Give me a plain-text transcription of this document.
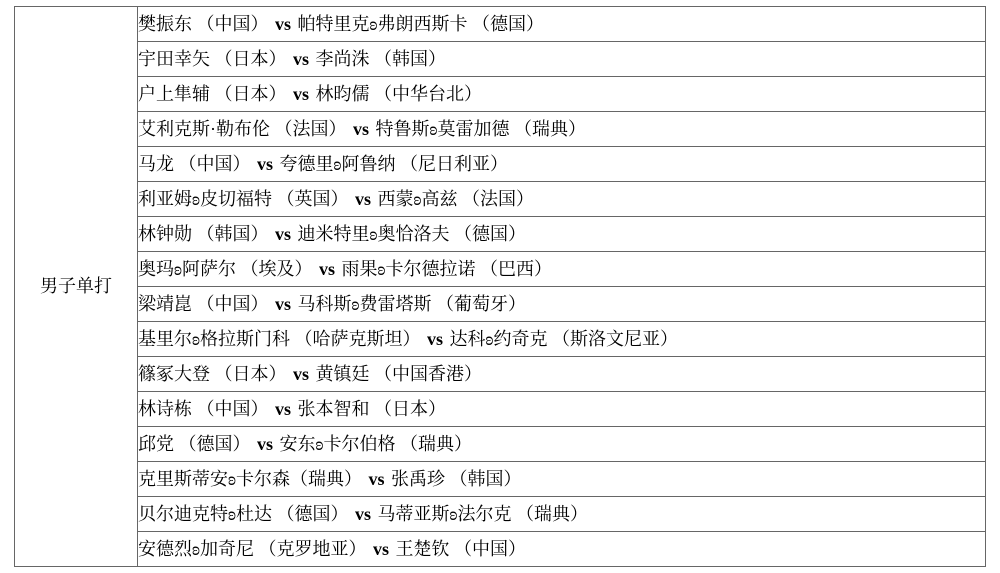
男子单打	樊振东 （中国） vs 帕特里克ʚ弗朗西斯卡 （德国）
宇田幸矢 （日本） vs 李尚洙 （韩国）
户上隼辅 （日本） vs 林昀儒 （中华台北）
艾利克斯·勒布伦 （法国） vs 特鲁斯ʚ莫雷加德 （瑞典）
马龙 （中国） vs 夸德里ʚ阿鲁纳 （尼日利亚）
利亚姆ʚ皮切福特 （英国） vs 西蒙ʚ高兹 （法国）
林钟勋 （韩国） vs 迪米特里ʚ奥恰洛夫 （德国）
奥玛ʚ阿萨尔 （埃及） vs 雨果ʚ卡尔德拉诺 （巴西）
梁靖崑 （中国） vs 马科斯ʚ费雷塔斯 （葡萄牙）
基里尔ʚ格拉斯门科 （哈萨克斯坦） vs 达科ʚ约奇克 （斯洛文尼亚）
篠冢大登 （日本） vs 黄镇廷 （中国香港）
林诗栋 （中国） vs 张本智和 （日本）
邱党 （德国） vs 安东ʚ卡尔伯格 （瑞典）
克里斯蒂安ʚ卡尔森（瑞典） vs 张禹珍 （韩国）
贝尔迪克特ʚ杜达 （德国） vs 马蒂亚斯ʚ法尔克 （瑞典）
安德烈ʚ加奇尼 （克罗地亚） vs 王楚钦 （中国）
